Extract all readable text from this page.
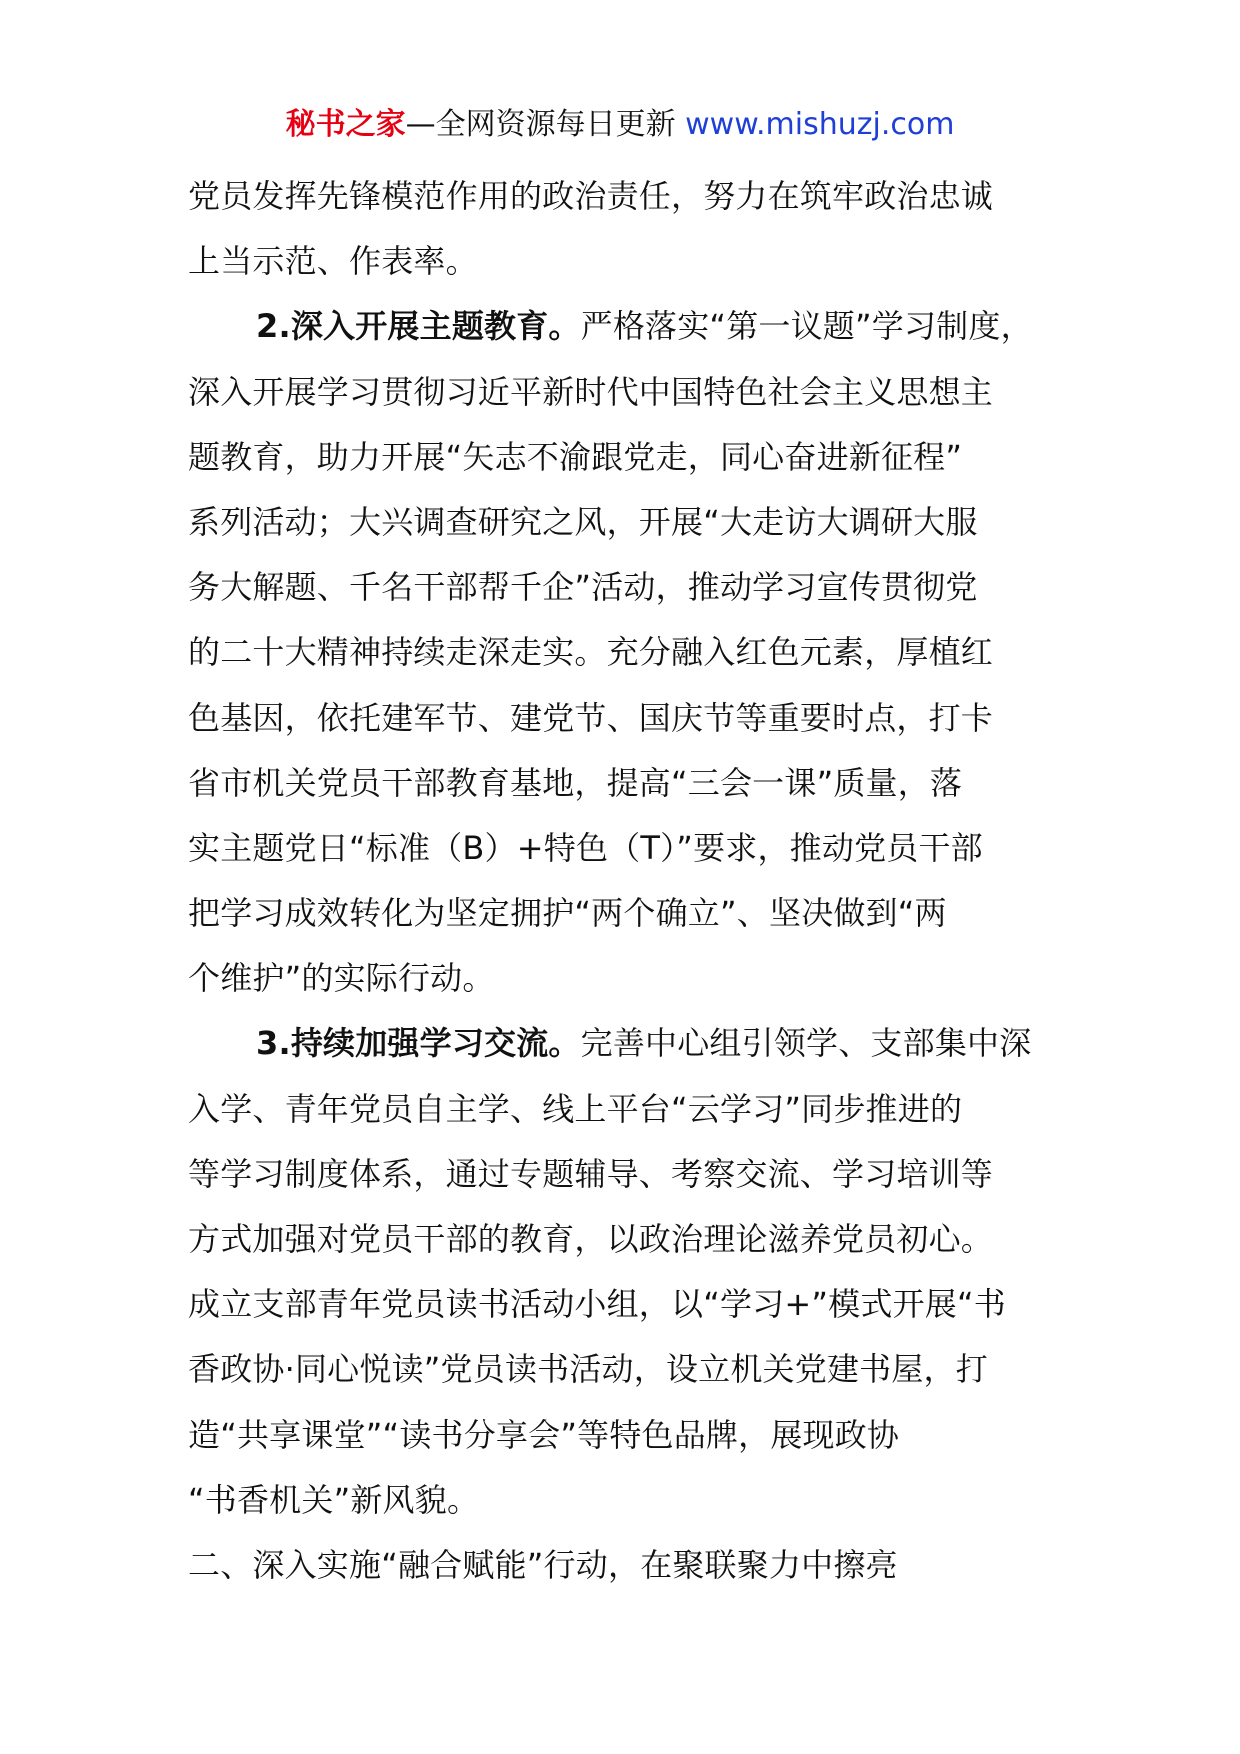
秘书之家—全网资源每日更新 www.mishuzj.com
党员发挥先锋模范作用的政治责任，努力在筑牢政治忠诚
上当示范、作表率。
2.深入开展主题教育。严格落实“第一议题”学习制度，
深入开展学习贯彻习近平新时代中国特色社会主义思想主
题教育，助力开展“矢志不渝跟党走，同心奋进新征程”
系列活动；大兴调查研究之风，开展“大走访大调研大服
务大解题、千名干部帮千企”活动，推动学习宣传贯彻党
的二十大精神持续走深走实。充分融入红色元素，厚植红
色基因，依托建军节、建党节、国庆节等重要时点，打卡
省市机关党员干部教育基地，提高“三会一课”质量，落
实主题党日“标准（B）+特色（T）”要求，推动党员干部
把学习成效转化为坚定拥护“两个确立”、坚决做到“两
个维护”的实际行动。
3.持续加强学习交流。完善中心组引领学、支部集中深
入学、青年党员自主学、线上平台“云学习”同步推进的
等学习制度体系，通过专题辅导、考察交流、学习培训等
方式加强对党员干部的教育，以政治理论滋养党员初心。
成立支部青年党员读书活动小组，以“学习+”模式开展“书
香政协·同心悦读”党员读书活动，设立机关党建书屋，打
造“共享课堂”“读书分享会”等特色品牌，展现政协
“书香机关”新风貌。
二、深入实施“融合赋能”行动，在聚联聚力中擦亮
